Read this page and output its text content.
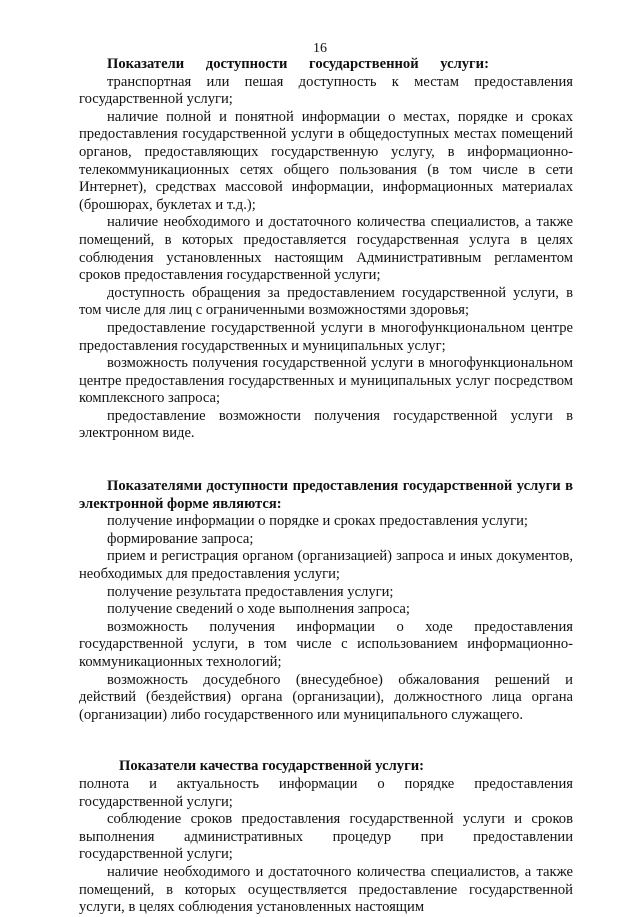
16
Показатели доступности государственной услуги:

транспортная или пешая доступность к местам предоставления государственной услуги;

наличие полной и понятной информации о местах, порядке и сроках предоставления государственной услуги в общедоступных местах помещений органов, предоставляющих государственную услугу, в информационно-телекоммуникационных сетях общего пользования (в том числе в сети Интернет), средствах массовой информации, информационных материалах (брошюрах, буклетах и т.д.);

наличие необходимого и достаточного количества специалистов, а также помещений, в которых предоставляется государственная услуга в целях соблюдения установленных настоящим Административным регламентом сроков предоставления государственной услуги;

доступность обращения за предоставлением государственной услуги, в том числе для лиц с ограниченными возможностями здоровья;

предоставление государственной услуги в многофункциональном центре предоставления государственных и муниципальных услуг;

возможность получения государственной услуги в многофункциональном центре предоставления государственных и муниципальных услуг посредством комплексного запроса;

предоставление возможности получения государственной услуги в электронном виде.

Показателями доступности предоставления государственной услуги в электронной форме являются:

получение информации о порядке и сроках предоставления услуги;

формирование запроса;

прием и регистрация органом (организацией) запроса и иных документов, необходимых для предоставления услуги;

получение результата предоставления услуги;

получение сведений о ходе выполнения запроса;

возможность получения информации о ходе предоставления государственной услуги, в том числе с использованием информационно-коммуникационных технологий;

возможность досудебного (внесудебное) обжалования решений и действий (бездействия) органа (организации), должностного лица органа (организации) либо государственного или муниципального служащего.

Показатели качества государственной услуги:

полнота и актуальность информации о порядке предоставления государственной услуги;

соблюдение сроков предоставления государственной услуги и сроков выполнения административных процедур при предоставлении государственной услуги;

наличие необходимого и достаточного количества специалистов, а также помещений, в которых осуществляется предоставление государственной услуги, в целях соблюдения установленных настоящим
